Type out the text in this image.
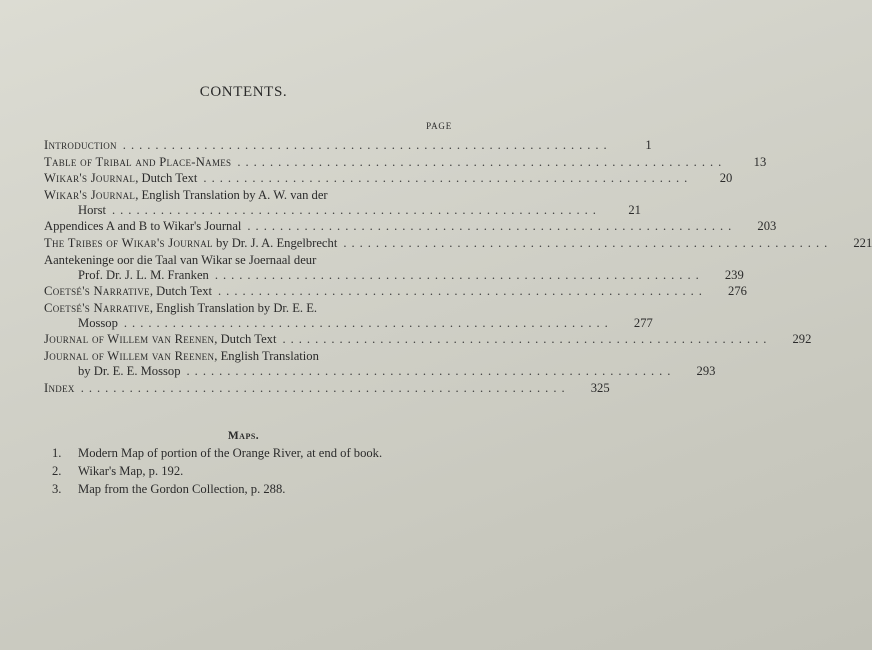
CONTENTS.
PAGE
Introduction ............................................................	1
Table of Tribal and Place-Names ............................................................	13
Wikar's Journal, Dutch Text ............................................................	20
Wikar's Journal, English Translation by A. W. van der
Horst ............................................................	21
Appendices A and B to Wikar's Journal ............................................................	203
The Tribes of Wikar's Journal by Dr. J. A. Engelbrecht ............................................................	221
Aantekeninge oor die Taal van Wikar se Joernaal deur
Prof. Dr. J. L. M. Franken ............................................................	239
Coetsé's Narrative, Dutch Text ............................................................	276
Coetsé's Narrative, English Translation by Dr. E. E.
Mossop ............................................................	277
Journal of Willem van Reenen, Dutch Text ............................................................	292
Journal of Willem van Reenen, English Translation
by Dr. E. E. Mossop ............................................................	293
Index ............................................................	325
Maps.
1.	Modern Map of portion of the Orange River, at end of book.
2.	Wikar's Map, p. 192.
3.	Map from the Gordon Collection, p. 288.
